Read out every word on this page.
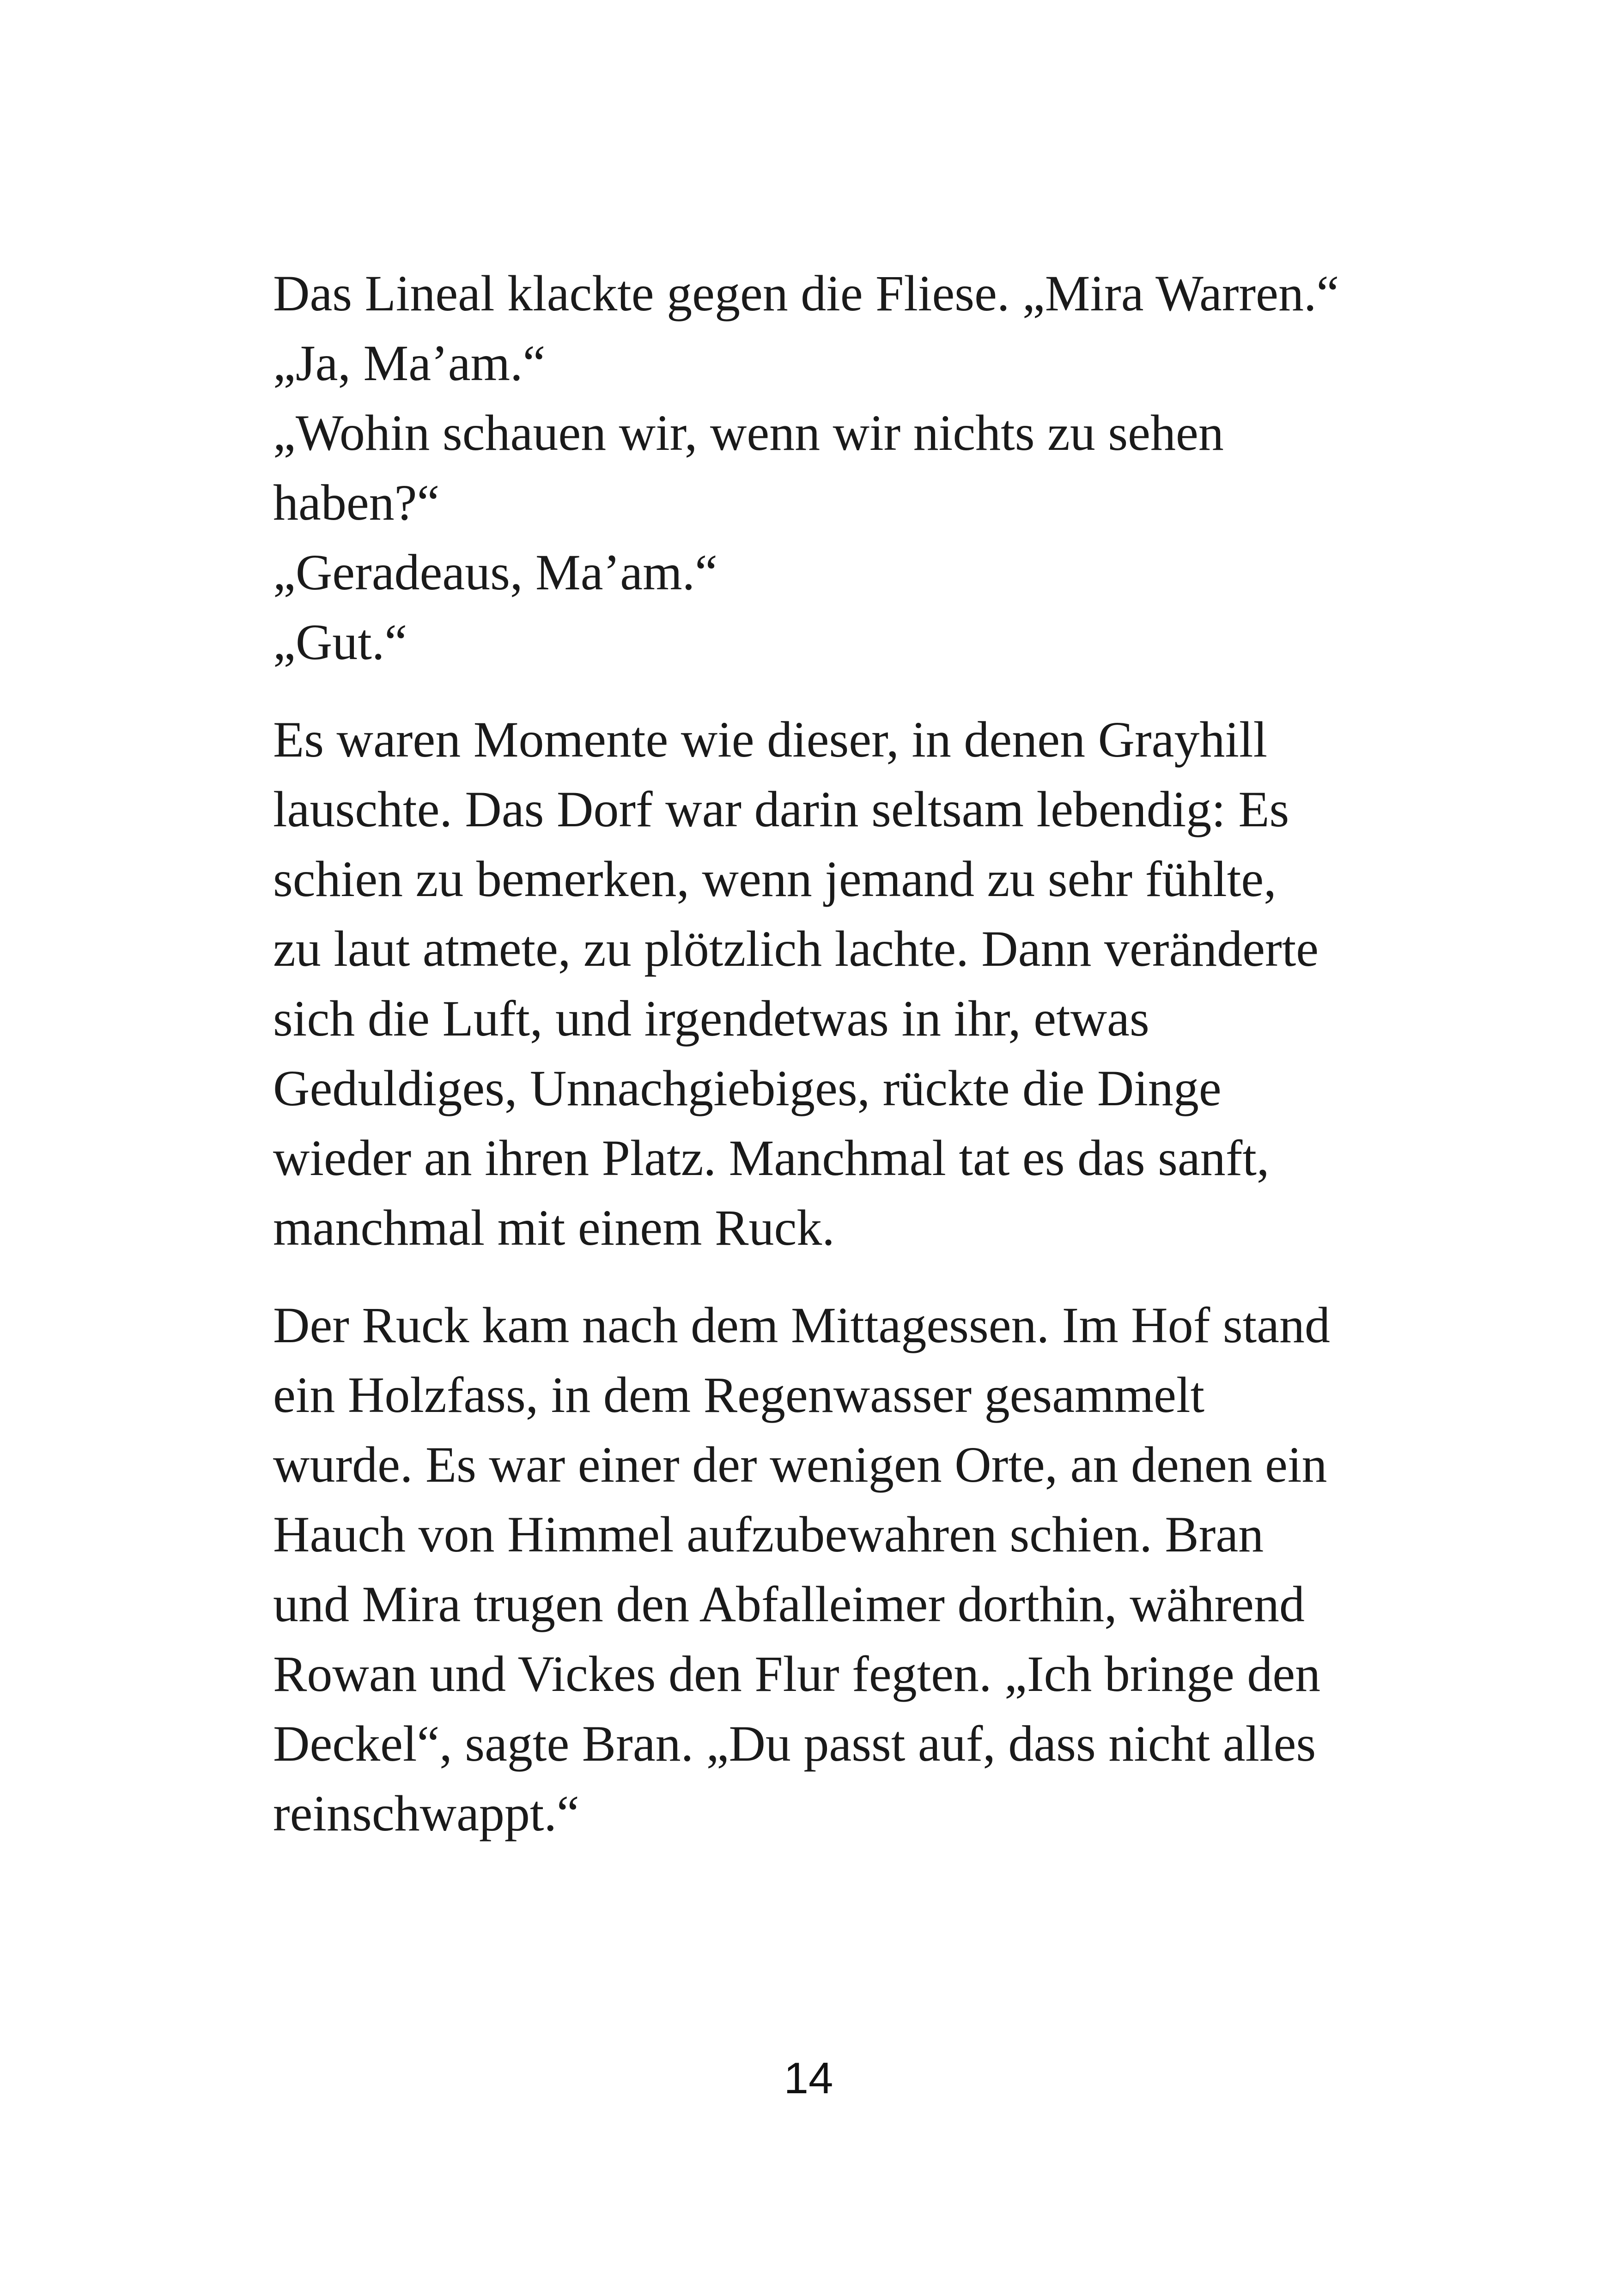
Das Lineal klackte gegen die Fliese. „Mira Warren.“
„Ja, Ma’am.“
„Wohin schauen wir, wenn wir nichts zu sehen
haben?“
„Geradeaus, Ma’am.“
„Gut.“
Es waren Momente wie dieser, in denen Grayhill
lauschte. Das Dorf war darin seltsam lebendig: Es
schien zu bemerken, wenn jemand zu sehr fühlte,
zu laut atmete, zu plötzlich lachte. Dann veränderte
sich die Luft, und irgendetwas in ihr, etwas
Geduldiges, Unnachgiebiges, rückte die Dinge
wieder an ihren Platz. Manchmal tat es das sanft,
manchmal mit einem Ruck.
Der Ruck kam nach dem Mittagessen. Im Hof stand
ein Holzfass, in dem Regenwasser gesammelt
wurde. Es war einer der wenigen Orte, an denen ein
Hauch von Himmel aufzubewahren schien. Bran
und Mira trugen den Abfalleimer dorthin, während
Rowan und Vickes den Flur fegten. „Ich bringe den
Deckel“, sagte Bran. „Du passt auf, dass nicht alles
reinschwappt.“
14
